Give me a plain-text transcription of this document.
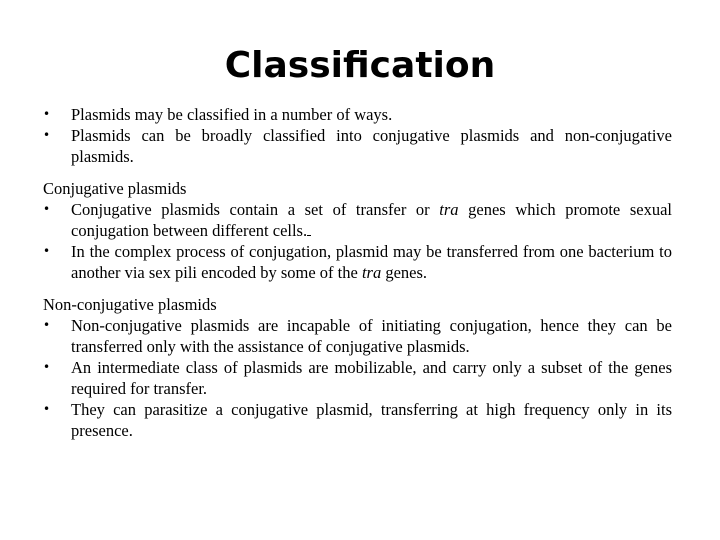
Classification
•	Plasmids may be classified in a number of ways.
•	Plasmids can be broadly classified into conjugative plasmids and non-conjugative plasmids.

Conjugative plasmids

•	Conjugative plasmids contain a set of transfer or tra genes which promote sexual conjugation between different cells.
•	In the complex process of conjugation, plasmid may be transferred from one bacterium to another via sex pili encoded by some of the tra genes.

Non-conjugative plasmids

•	Non-conjugative plasmids are incapable of initiating conjugation, hence they can be transferred only with the assistance of conjugative plasmids.
•	An intermediate class of plasmids are mobilizable, and carry only a subset of the genes required for transfer.
•	They can parasitize a conjugative plasmid, transferring at high frequency only in its presence.
